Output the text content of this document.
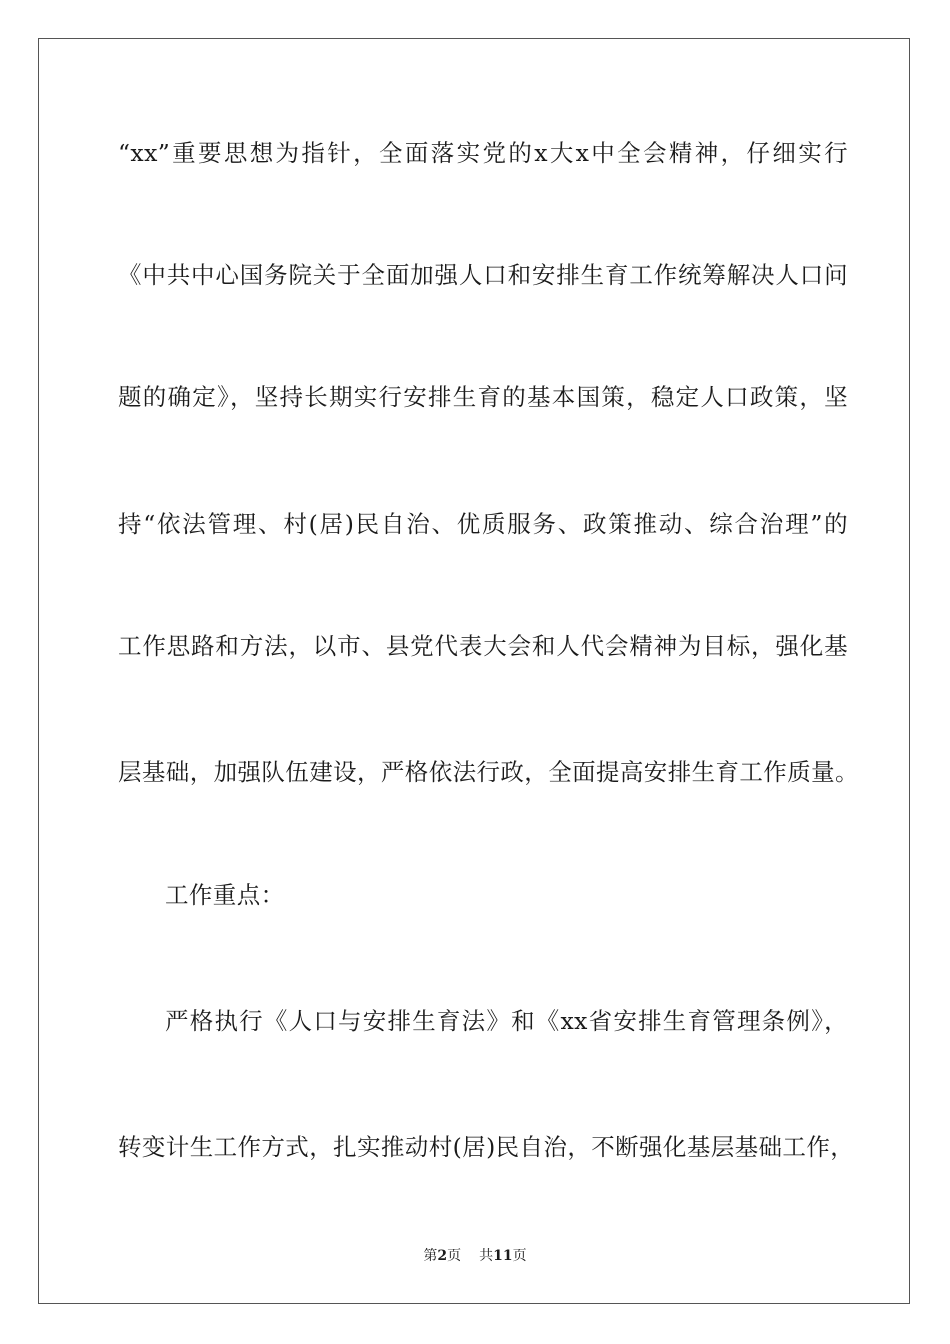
“xx”重要思想为指针，全面落实党的x大x中全会精神，仔细实行
《中共中心国务院关于全面加强人口和安排生育工作统筹解决人口问
题的确定》，坚持长期实行安排生育的基本国策，稳定人口政策，坚
持“依法管理、村(居)民自治、优质服务、政策推动、综合治理”的
工作思路和方法，以市、县党代表大会和人代会精神为目标，强化基
层基础，加强队伍建设，严格依法行政，全面提高安排生育工作质量。
工作重点：
严格执行《人口与安排生育法》和《xx省安排生育管理条例》，
转变计生工作方式，扎实推动村(居)民自治，不断强化基层基础工作，
第2页 共11页
